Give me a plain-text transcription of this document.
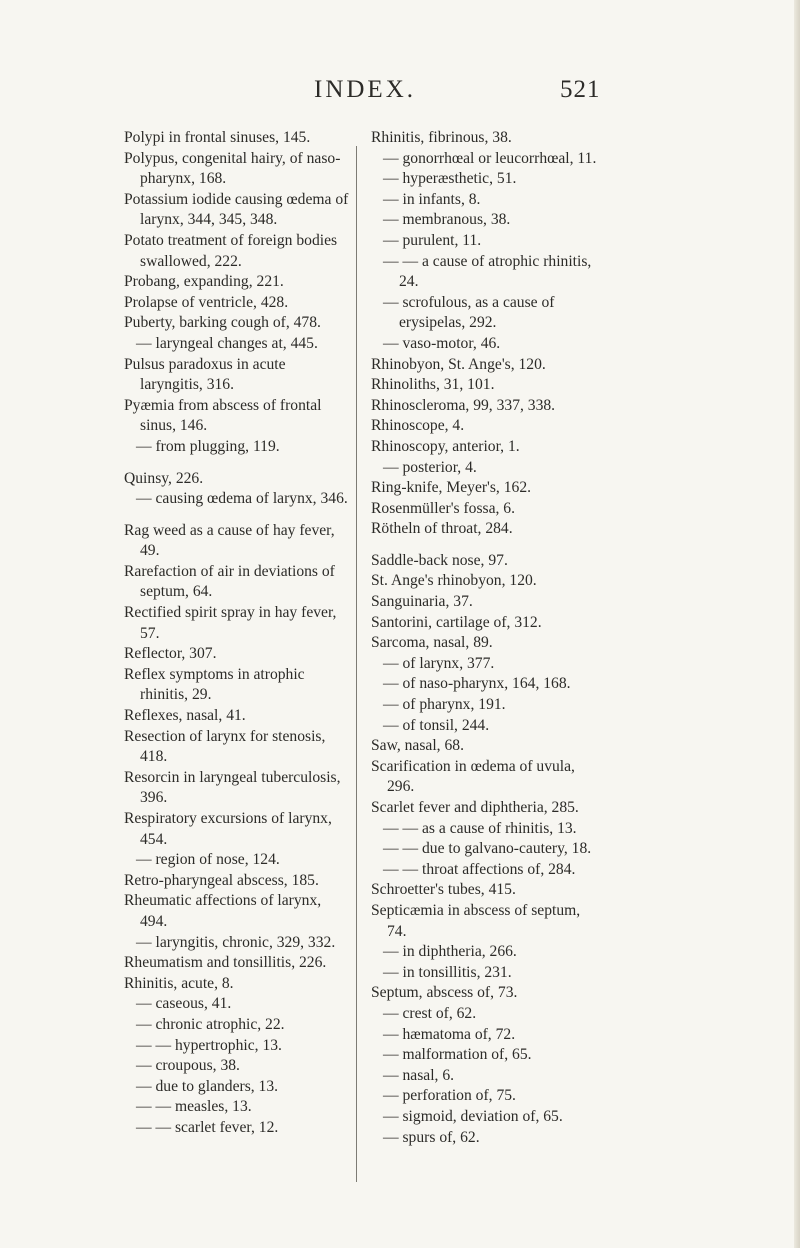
INDEX.	521
Polypi in frontal sinuses, 145.
Polypus, congenital hairy, of naso-pharynx, 168.
Potassium iodide causing œdema of larynx, 344, 345, 348.
Potato treatment of foreign bodies swallowed, 222.
Probang, expanding, 221.
Prolapse of ventricle, 428.
Puberty, barking cough of, 478.
— laryngeal changes at, 445.
Pulsus paradoxus in acute laryngitis, 316.
Pyæmia from abscess of frontal sinus, 146.
— from plugging, 119.
Quinsy, 226.
— causing œdema of larynx, 346.
Rag weed as a cause of hay fever, 49.
Rarefaction of air in deviations of septum, 64.
Rectified spirit spray in hay fever, 57.
Reflector, 307.
Reflex symptoms in atrophic rhinitis, 29.
Reflexes, nasal, 41.
Resection of larynx for stenosis, 418.
Resorcin in laryngeal tuberculosis, 396.
Respiratory excursions of larynx, 454.
— region of nose, 124.
Retro-pharyngeal abscess, 185.
Rheumatic affections of larynx, 494.
— laryngitis, chronic, 329, 332.
Rheumatism and tonsillitis, 226.
Rhinitis, acute, 8.
— caseous, 41.
— chronic atrophic, 22.
— — hypertrophic, 13.
— croupous, 38.
— due to glanders, 13.
— — measles, 13.
— — scarlet fever, 12.
Rhinitis, fibrinous, 38.
— gonorrhœal or leucorrhœal, 11.
— hyperæsthetic, 51.
— in infants, 8.
— membranous, 38.
— purulent, 11.
— — a cause of atrophic rhinitis, 24.
— scrofulous, as a cause of erysipelas, 292.
— vaso-motor, 46.
Rhinobyon, St. Ange's, 120.
Rhinoliths, 31, 101.
Rhinoscleroma, 99, 337, 338.
Rhinoscope, 4.
Rhinoscopy, anterior, 1.
— posterior, 4.
Ring-knife, Meyer's, 162.
Rosenmüller's fossa, 6.
Rötheln of throat, 284.
Saddle-back nose, 97.
St. Ange's rhinobyon, 120.
Sanguinaria, 37.
Santorini, cartilage of, 312.
Sarcoma, nasal, 89.
— of larynx, 377.
— of naso-pharynx, 164, 168.
— of pharynx, 191.
— of tonsil, 244.
Saw, nasal, 68.
Scarification in œdema of uvula, 296.
Scarlet fever and diphtheria, 285.
— — as a cause of rhinitis, 13.
— — due to galvano-cautery, 18.
— — throat affections of, 284.
Schroetter's tubes, 415.
Septicæmia in abscess of septum, 74.
— in diphtheria, 266.
— in tonsillitis, 231.
Septum, abscess of, 73.
— crest of, 62.
— hæmatoma of, 72.
— malformation of, 65.
— nasal, 6.
— perforation of, 75.
— sigmoid, deviation of, 65.
— spurs of, 62.
